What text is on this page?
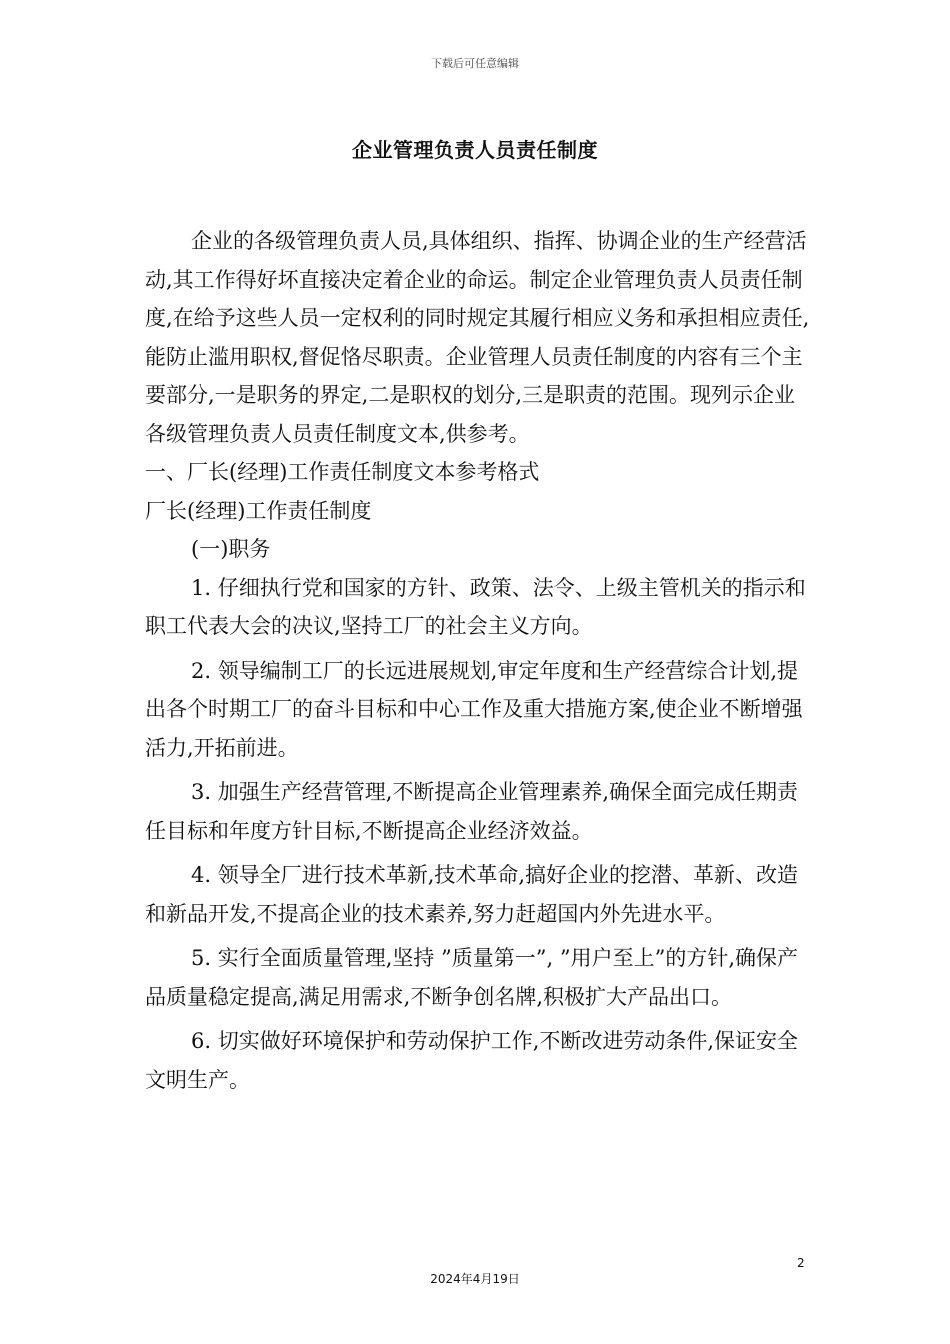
下载后可任意编辑
企业管理负责人员责任制度

企业的各级管理负责人员,具体组织、指挥、协调企业的生产经营活动,其工作得好坏直接决定着企业的命运。制定企业管理负责人员责任制度,在给予这些人员一定权利的同时规定其履行相应义务和承担相应责任,能防止滥用职权,督促恪尽职责。企业管理人员责任制度的内容有三个主要部分,一是职务的界定,二是职权的划分,三是职责的范围。现列示企业各级管理负责人员责任制度文本,供参考。

一、厂长(经理)工作责任制度文本参考格式

厂长(经理)工作责任制度

(一)职务

1. 仔细执行党和国家的方针、政策、法令、上级主管机关的指示和职工代表大会的决议,坚持工厂的社会主义方向。

2. 领导编制工厂的长远进展规划,审定年度和生产经营综合计划,提出各个时期工厂的奋斗目标和中心工作及重大措施方案,使企业不断增强活力,开拓前进。

3. 加强生产经营管理,不断提高企业管理素养,确保全面完成任期责任目标和年度方针目标,不断提高企业经济效益。

4. 领导全厂进行技术革新,技术革命,搞好企业的挖潜、革新、改造和新品开发,不提高企业的技术素养,努力赶超国内外先进水平。

5. 实行全面质量管理,坚持 ”质量第一”, ”用户至上”的方针,确保产品质量稳定提高,满足用需求,不断争创名牌,积极扩大产品出口。

6. 切实做好环境保护和劳动保护工作,不断改进劳动条件,保证安全文明生产。

2
2024年4月19日
